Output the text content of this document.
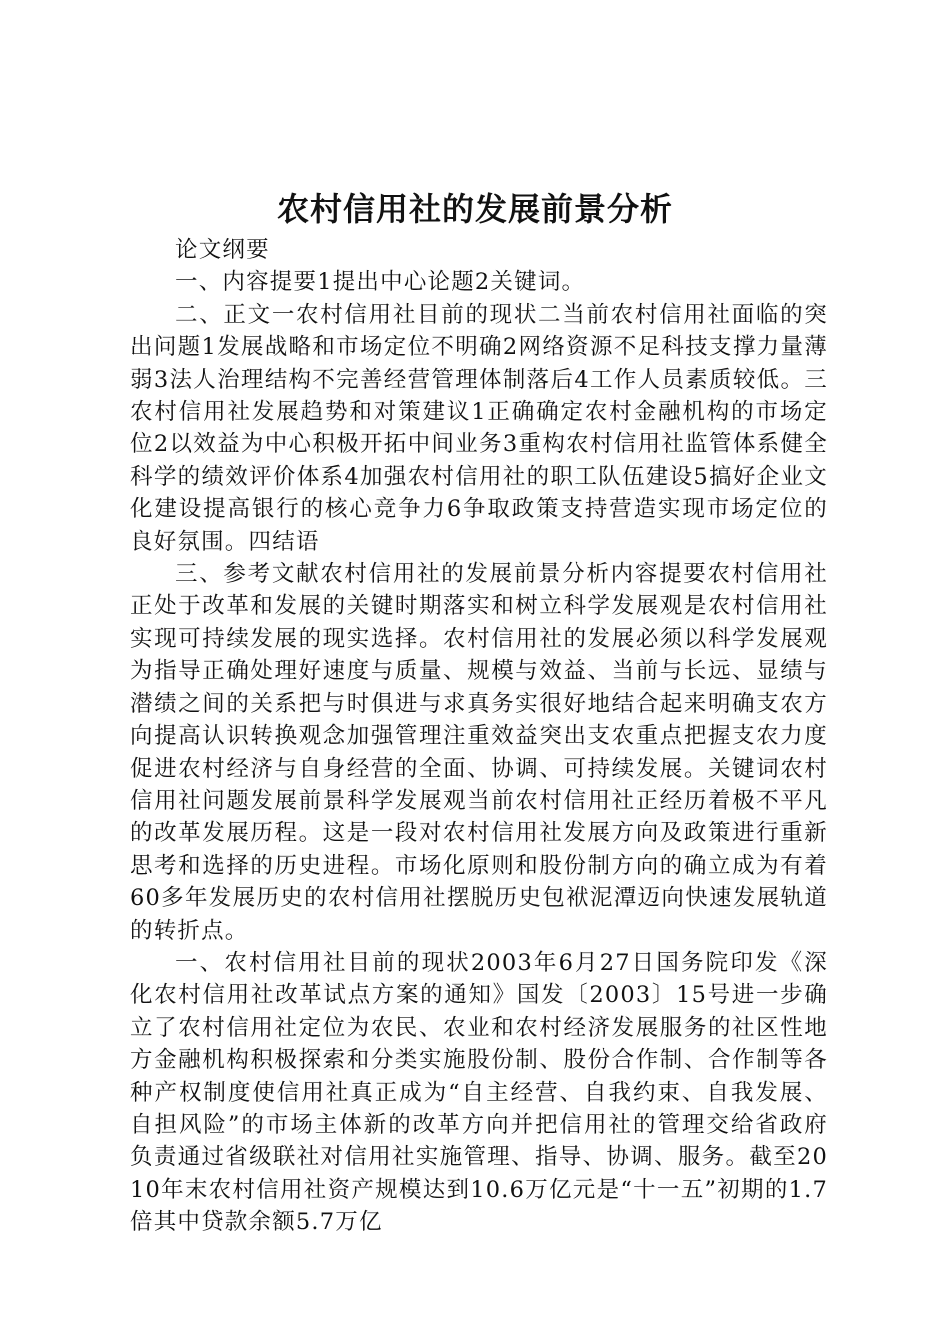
农村信用社的发展前景分析

论文纲要

一、内容提要1提出中心论题2关键词。

二、正文一农村信用社目前的现状二当前农村信用社面临的突出问题1发展战略和市场定位不明确2网络资源不足科技支撑力量薄弱3法人治理结构不完善经营管理体制落后4工作人员素质较低。三农村信用社发展趋势和对策建议1正确确定农村金融机构的市场定位2以效益为中心积极开拓中间业务3重构农村信用社监管体系健全科学的绩效评价体系4加强农村信用社的职工队伍建设5搞好企业文化建设提高银行的核心竞争力6争取政策支持营造实现市场定位的良好氛围。四结语

三、参考文献农村信用社的发展前景分析内容提要农村信用社正处于改革和发展的关键时期落实和树立科学发展观是农村信用社实现可持续发展的现实选择。农村信用社的发展必须以科学发展观为指导正确处理好速度与质量、规模与效益、当前与长远、显绩与潜绩之间的关系把与时俱进与求真务实很好地结合起来明确支农方向提高认识转换观念加强管理注重效益突出支农重点把握支农力度促进农村经济与自身经营的全面、协调、可持续发展。关键词农村信用社问题发展前景科学发展观当前农村信用社正经历着极不平凡的改革发展历程。这是一段对农村信用社发展方向及政策进行重新思考和选择的历史进程。市场化原则和股份制方向的确立成为有着60多年发展历史的农村信用社摆脱历史包袱泥潭迈向快速发展轨道的转折点。

一、农村信用社目前的现状2003年6月27日国务院印发《深化农村信用社改革试点方案的通知》国发〔2003〕15号进一步确立了农村信用社定位为农民、农业和农村经济发展服务的社区性地方金融机构积极探索和分类实施股份制、股份合作制、合作制等各种产权制度使信用社真正成为“自主经营、自我约束、自我发展、自担风险”的市场主体新的改革方向并把信用社的管理交给省政府负责通过省级联社对信用社实施管理、指导、协调、服务。截至2010年末农村信用社资产规模达到10.6万亿元是“十一五”初期的1.7倍其中贷款余额5.7万亿
